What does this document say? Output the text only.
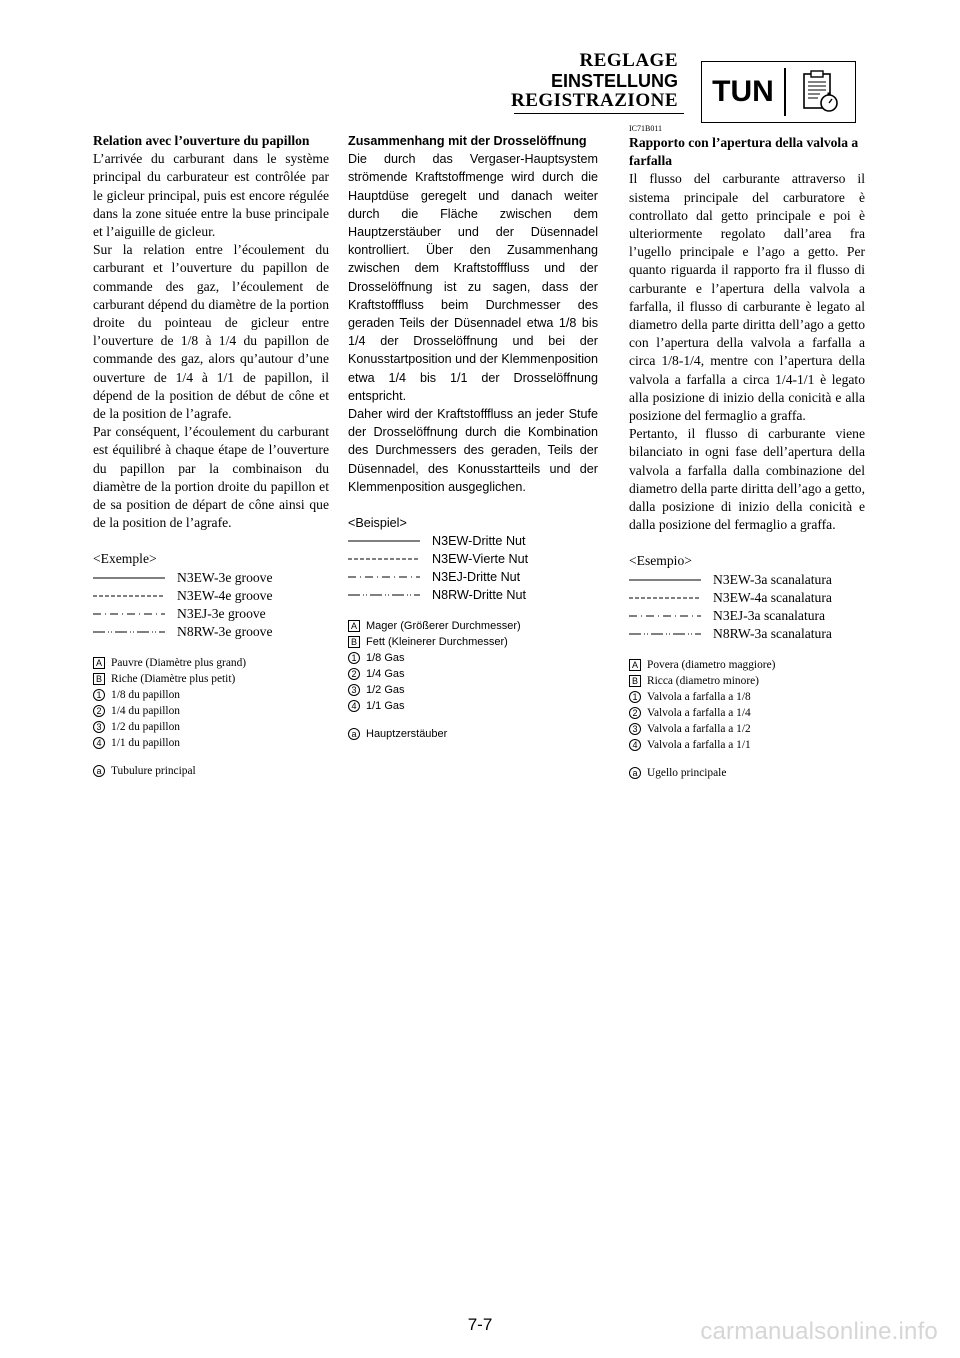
REGLAGE
EINSTELLUNG
REGISTRAZIONE	TUN
Relation avec l’ouverture du papillon

L’arrivée du carburant dans le système principal du carburateur est contrôlée par le gicleur principal, puis est encore régulée dans la zone située entre la buse principale et l’aiguille de gicleur.

Sur la relation entre l’écoulement du carburant et l’ouverture du papillon de commande des gaz, l’écoulement de carburant dépend du diamètre de la portion droite du pointeau de gicleur entre l’ouverture de 1/8 à 1/4 du papillon de commande des gaz, alors qu’autour d’une ouverture de 1/4 à 1/1 de papillon, il dépend de la position de début de cône et de la position de l’agrafe.

Par conséquent, l’écoulement du carburant est équilibré à chaque étape de l’ouverture du papillon par la combinaison du diamètre de la portion droite du papillon et de sa position de départ de cône ainsi que de la position de l’agrafe.

<Exemple>
N3EW-3e groove
N3EW-4e groove
N3EJ-3e groove
N8RW-3e groove
A Pauvre (Diamètre plus grand)
B Riche (Diamètre plus petit)
1 1/8 du papillon
2 1/4 du papillon
3 1/2 du papillon
4 1/1 du papillon
a Tubulure principal
Zusammenhang mit der Drosselöffnung

Die durch das Vergaser-Hauptsystem strömende Kraftstoffmenge wird durch die Hauptdüse geregelt und danach weiter durch die Fläche zwischen dem Hauptzerstäuber und der Düsennadel kontrolliert. Über den Zusammenhang zwischen dem Kraftstofffluss und der Drosselöffnung ist zu sagen, dass der Kraftstofffluss beim Durchmesser des geraden Teils der Düsennadel etwa 1/8 bis 1/4 der Drosselöffnung und bei der Konusstartposition und der Klemmenposition etwa 1/4 bis 1/1 der Drosselöffnung entspricht.

Daher wird der Kraftstofffluss an jeder Stufe der Drosselöffnung durch die Kombination des Durchmessers des geraden, Teils der Düsennadel, des Konusstartteils und der Klemmenposition ausgeglichen.

<Beispiel>
N3EW-Dritte Nut
N3EW-Vierte Nut
N3EJ-Dritte Nut
N8RW-Dritte Nut
A Mager (Größerer Durchmesser)
B Fett (Kleinerer Durchmesser)
1 1/8 Gas
2 1/4 Gas
3 1/2 Gas
4 1/1 Gas
a Hauptzerstäuber
IC71B011
Rapporto con l’apertura della valvola a farfalla

Il flusso del carburante attraverso il sistema principale del carburatore è controllato dal getto principale e poi è ulteriormente regolato dall’area fra l’ugello principale e l’ago a getto. Per quanto riguarda il rapporto fra il flusso di carburante e l’apertura della valvola a farfalla, il flusso di carburante è legato al diametro della parte diritta dell’ago a getto con l’apertura della valvola a farfalla a circa 1/8-1/4, mentre con l’apertura della valvola a farfalla a circa 1/4-1/1 è legato alla posizione di inizio della conicità e alla posizione del fermaglio a graffa.

Pertanto, il flusso di carburante viene bilanciato in ogni fase dell’apertura della valvola a farfalla dalla combinazione del diametro della parte diritta dell’ago a getto, dalla posizione di inizio della conicità e dalla posizione del fermaglio a graffa.

<Esempio>
N3EW-3a scanalatura
N3EW-4a scanalatura
N3EJ-3a scanalatura
N8RW-3a scanalatura
A Povera (diametro maggiore)
B Ricca (diametro minore)
1 Valvola a farfalla a 1/8
2 Valvola a farfalla a 1/4
3 Valvola a farfalla a 1/2
4 Valvola a farfalla a 1/1
a Ugello principale
7-7	carmanualsonline.info
